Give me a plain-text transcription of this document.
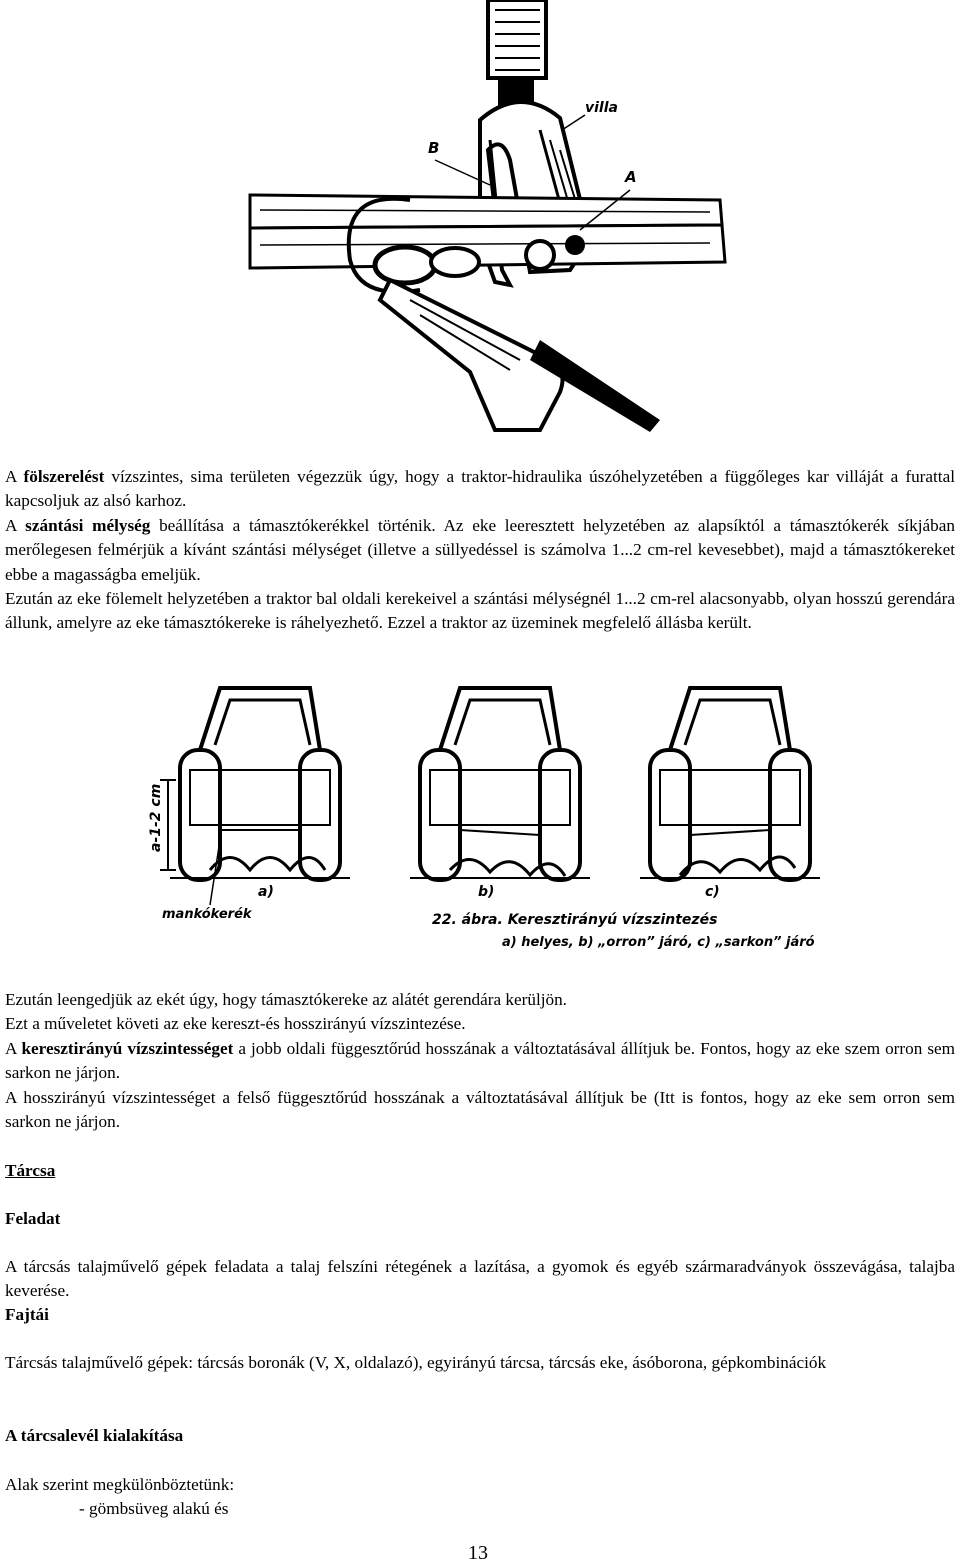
villa
B
A

A fölszerelést vízszintes, sima területen végezzük úgy, hogy a traktor-hidraulika úszóhelyzetében a függőleges kar villáját a furattal kapcsoljuk az alsó karhoz.

A szántási mélység beállítása a támasztókerékkel történik. Az eke leeresztett helyzetében az alapsíktól a támasztókerék síkjában merőlegesen felmérjük a kívánt szántási mélységet (illetve a süllyedéssel is számolva 1...2 cm-rel kevesebbet), majd a támasztókereket ebbe a magasságba emeljük.

Ezután az eke fölemelt helyzetében a traktor bal oldali kerekeivel a szántási mélységnél 1...2 cm-rel alacsonyabb, olyan hosszú gerendára állunk, amelyre az eke támasztókereke is ráhelyezhető. Ezzel a traktor az üzeminek megfelelő állásba került.

a-1-2 cm
mankókerék
a)	b)	c)
22. ábra. Keresztirányú vízszintezés
a) helyes, b) „orron” járó, c) „sarkon” járó

Ezután leengedjük az ekét úgy, hogy támasztókereke az alátét gerendára kerüljön.

Ezt a műveletet követi az eke kereszt-és hosszirányú vízszintezése.

A keresztirányú vízszintességet a jobb oldali függesztőrúd hosszának a változtatásával állítjuk be. Fontos, hogy az eke szem orron sem sarkon ne járjon.

A hosszirányú vízszintességet a felső függesztőrúd hosszának a változtatásával állítjuk be (Itt is fontos, hogy az eke sem orron sem sarkon ne járjon.

Tárcsa
Feladat
A tárcsás talajművelő gépek feladata a talaj felszíni rétegének a lazítása, a gyomok és egyéb szármaradványok összevágása, talajba keverése.
Fajtái
Tárcsás talajművelő gépek: tárcsás boronák (V, X, oldalazó), egyirányú tárcsa, tárcsás eke, ásóborona, gépkombinációk
A tárcsalevél kialakítása

Alak szerint megkülönböztetünk:

- gömbsüveg alakú és

13
